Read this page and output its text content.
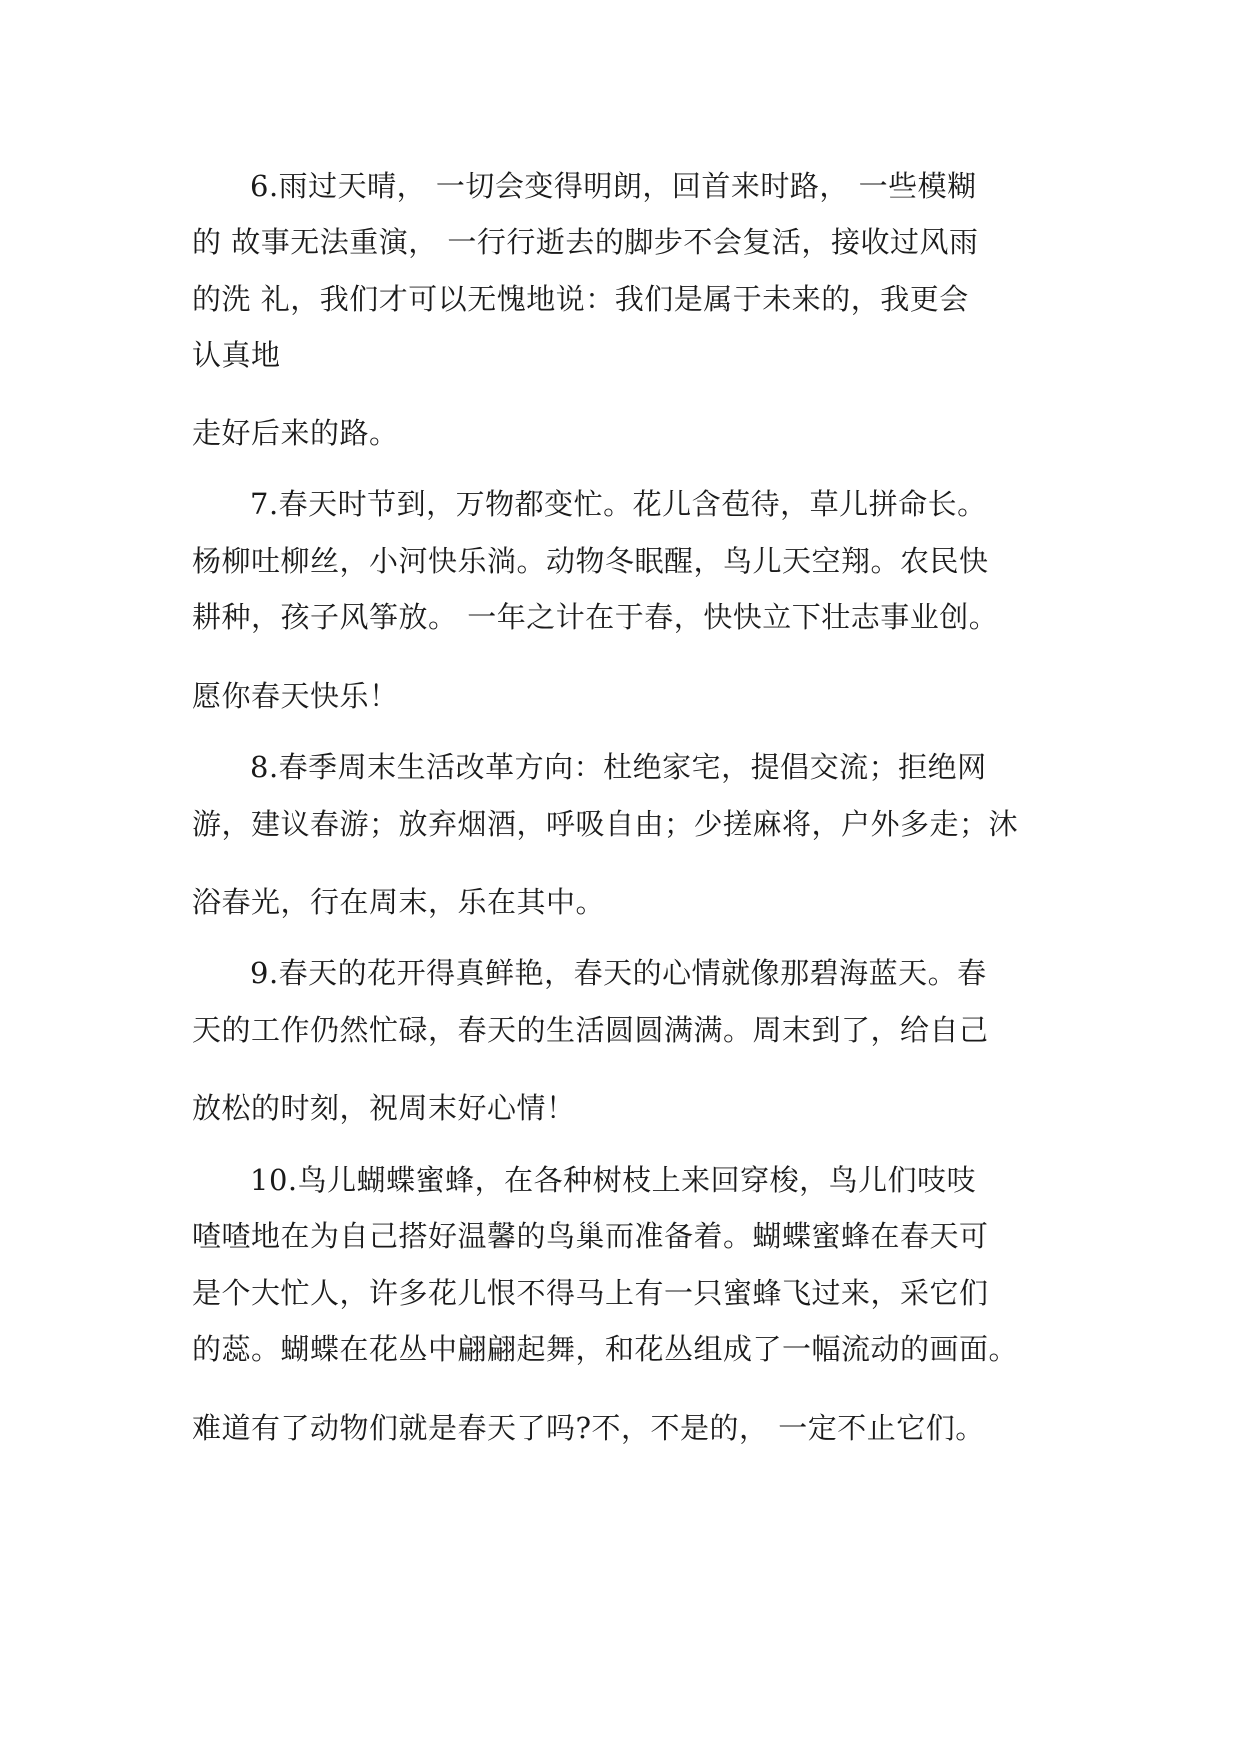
6.雨过天晴， 一切会变得明朗，回首来时路， 一些模糊
的 故事无法重演， 一行行逝去的脚步不会复活，接收过风雨
的洗 礼，我们才可以无愧地说：我们是属于未来的，我更会
认真地
走好后来的路。
7.春天时节到，万物都变忙。花儿含苞待，草儿拼命长。
杨柳吐柳丝，小河快乐淌。动物冬眠醒，鸟儿天空翔。农民快
耕种，孩子风筝放。 一年之计在于春，快快立下壮志事业创。
愿你春天快乐！
8.春季周末生活改革方向：杜绝家宅，提倡交流；拒绝网
游，建议春游；放弃烟酒，呼吸自由；少搓麻将，户外多走；沐
浴春光，行在周末，乐在其中。
9.春天的花开得真鲜艳，春天的心情就像那碧海蓝天。春
天的工作仍然忙碌，春天的生活圆圆满满。周末到了，给自己
放松的时刻，祝周末好心情！
10.鸟儿蝴蝶蜜蜂，在各种树枝上来回穿梭，鸟儿们吱吱
喳喳地在为自己搭好温馨的鸟巢而准备着。蝴蝶蜜蜂在春天可
是个大忙人，许多花儿恨不得马上有一只蜜蜂飞过来，采它们
的蕊。蝴蝶在花丛中翩翩起舞，和花丛组成了一幅流动的画面。
难道有了动物们就是春天了吗?不，不是的， 一定不止它们。
